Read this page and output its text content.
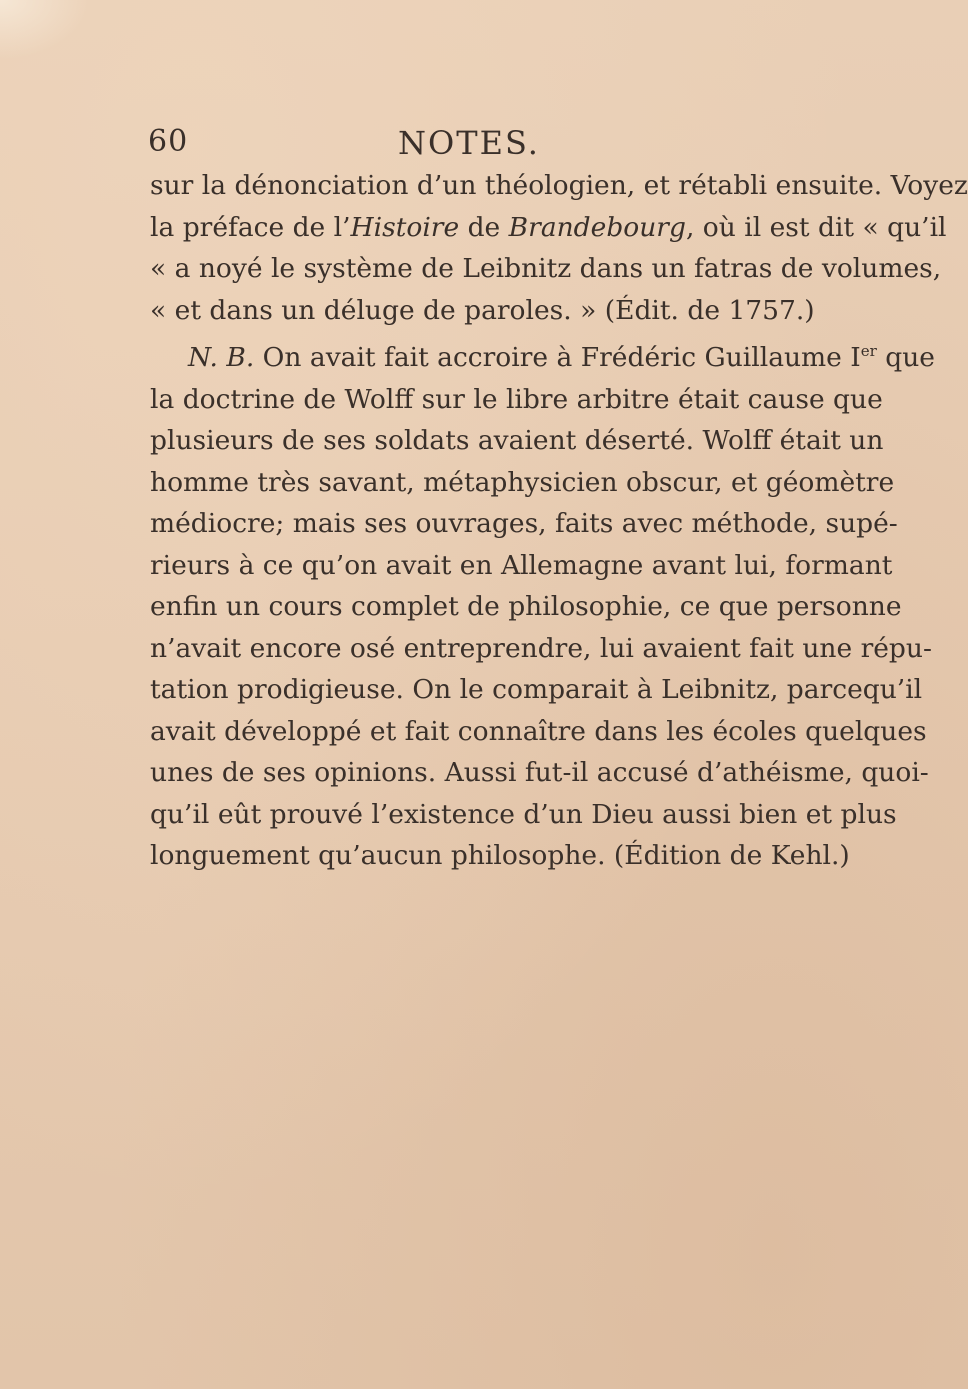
60	NOTES.

sur la dénonciation d’un théologien, et rétabli ensuite. Voyez
la préface de l’Histoire de Brandebourg, où il est dit « qu’il
« a noyé le système de Leibnitz dans un fatras de volumes,
« et dans un déluge de paroles. » (Édit. de 1757.)

N. B. On avait fait accroire à Frédéric Guillaume Ier que
la doctrine de Wolff sur le libre arbitre était cause que
plusieurs de ses soldats avaient déserté. Wolff était un
homme très savant, métaphysicien obscur, et géomètre
médiocre; mais ses ouvrages, faits avec méthode, supé-
rieurs à ce qu’on avait en Allemagne avant lui, formant
enfin un cours complet de philosophie, ce que personne
n’avait encore osé entreprendre, lui avaient fait une répu-
tation prodigieuse. On le comparait à Leibnitz, parcequ’il
avait développé et fait connaître dans les écoles quelques
unes de ses opinions. Aussi fut-il accusé d’athéisme, quoi-
qu’il eût prouvé l’existence d’un Dieu aussi bien et plus
longuement qu’aucun philosophe. (Édition de Kehl.)
